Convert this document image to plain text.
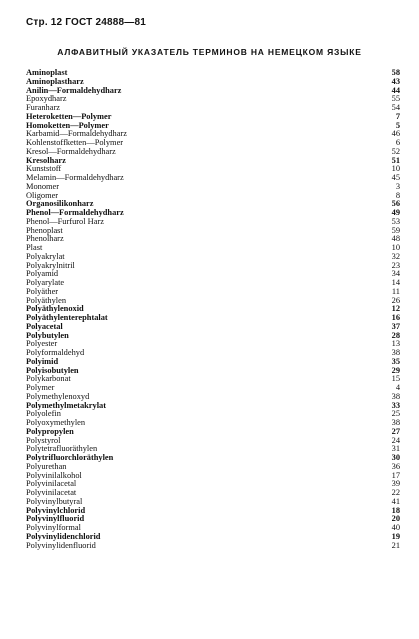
Стр. 12 ГОСТ 24888—81
АЛФАВИТНЫЙ УКАЗАТЕЛЬ ТЕРМИНОВ НА НЕМЕЦКОМ ЯЗЫКЕ
Aminoplast	58
Aminoplastharz	43
Anilin—Formaldehydharz	44
Epoxydharz	55
Furanharz	54
Heteroketten—Polymer	7
Homoketten—Polymer	5
Karbamid—Formaldehydharz	46
Kohlenstoffketten—Polymer	6
Kresol—Formaldehydharz	52
Kresolharz	51
Kunststoff	10
Melamin—Formaldehydharz	45
Monomer	3
Oligomer	8
Organosilikonharz	56
Phenol—Formaldehydharz	49
Phenol—Furfurol Harz	53
Phenoplast	59
Phenolharz	48
Plast	10
Polyakrylat	32
Polyakrylnitril	23
Polyamid	34
Polyarylate	14
Polyäther	11
Polyäthylen	26
Polyäthylenoxid	12
Polyäthylenterephtalat	16
Polyacetal	37
Polybutylen	28
Polyester	13
Polyformaldehyd	38
Polyimid	35
Polyisobutylen	29
Polykarbonat	15
Polymer	4
Polymethylenoxyd	38
Polymethylmetakrylat	33
Polyolefin	25
Polyoxymethylen	38
Polypropylen	27
Polystyrol	24
Polytetrafluoräthylen	31
Polytrifluorchloräthylen	30
Polyurethan	36
Polyvinilalkohol	17
Polyvinilacetal	39
Polyvinilacetat	22
Polyvinylbutyral	41
Polyvinylchlorid	18
Polyvinylfluorid	20
Polyvinylformal	40
Polyvinylidenchlorid	19
Polyvinylidenfluorid	21
